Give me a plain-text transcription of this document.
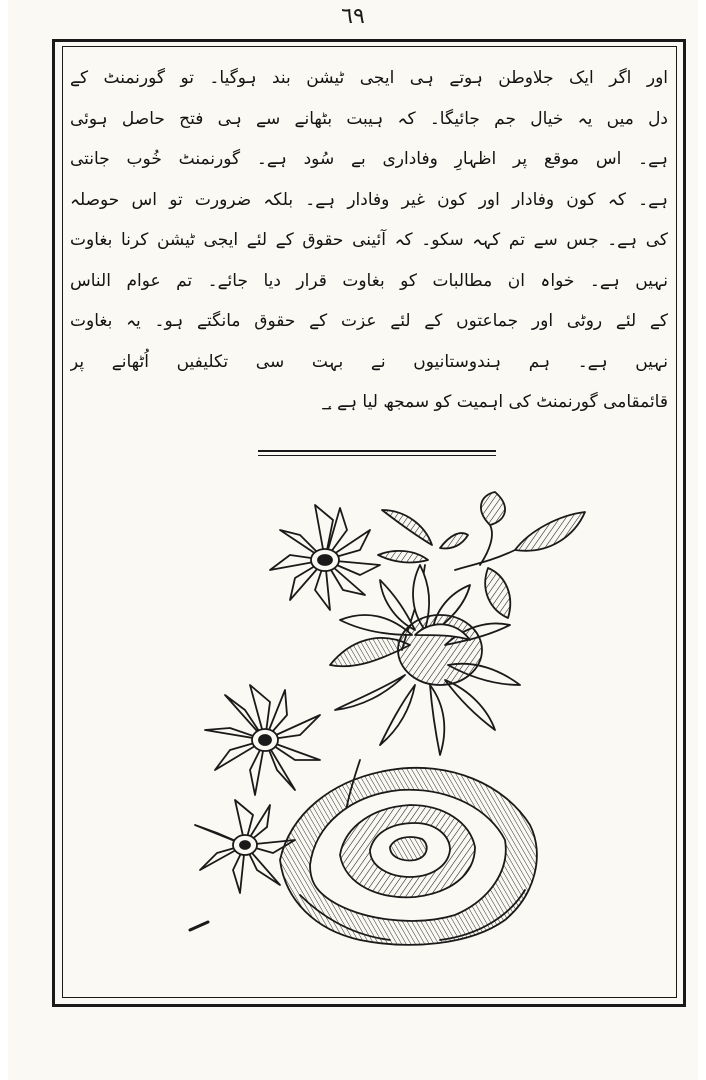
٦٩
اور اگر ایک جلاوطن ہوتے ہی ایجی ٹیشن بند ہوگیا۔ تو گورنمنٹ کے
دل میں یہ خیال جم جائیگا۔ کہ ہیبت بٹھانے سے ہی فتح حاصل ہوئی
ہے۔ اس موقع پر اظہارِ وفاداری بے سُود ہے۔ گورنمنٹ خُوب جانتی
ہے۔ کہ کون وفادار اور کون غیر وفادار ہے۔ بلکہ ضرورت تو اس حوصلہ
کی ہے۔ جس سے تم کہہ سکو۔ کہ آئینی حقوق کے لئے ایجی ٹیشن کرنا بغاوت
نہیں ہے۔ خواہ ان مطالبات کو بغاوت قرار دیا جائے۔ تم عوام الناس
کے لئے روٹی اور جماعتوں کے لئے عزت کے حقوق مانگتے ہو۔ یہ بغاوت
نہیں ہے۔ ہم ہندوستانیوں نے بہت سی تکلیفیں اُٹھانے پر
قائمقامی گورنمنٹ کی اہمیت کو سمجھ لیا ہے ؀
